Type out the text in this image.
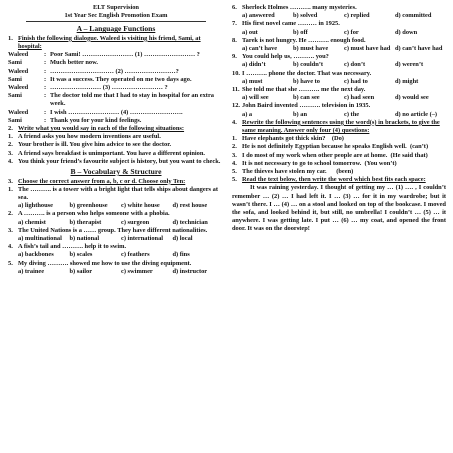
ELT Supervision
1st Year Sec English Promotion Exam
A – Language Functions
1. Finish the following dialogue. Waleed is visiting his friend, Sami, at hospital:
Waleed	: Poor Sami! …………………… (1) …………………… ?
Sami	: Much better now.
Waleed	: ………………………… (2) ……………………?
Sami	: It was a success. They operated on me two days ago.
Waleed	: …………………… (3) …………………… ?
Sami	: The doctor told me that I had to stay in hospital for an extra week.
Waleed	: I wish …………………… (4) …………………….
Sami	: Thank you for your kind feelings.
2. Write what you would say in each of the following situations:
1. A friend asks you how modern inventions are useful.
2. Your brother is ill. You give him advice to see the doctor.
3. A friend says breakfast is unimportant. You have a different opinion.
4. You think your friend’s favourite subject is history, but you want to check.
B – Vocabulary & Structure
3. Choose the correct answer from a, b, c or d. Choose only Ten:
1. The ………. is a tower with a bright light that tells ships about dangers at sea.
a) lighthouse	b) greenhouse	c) white house	d) rest house
2. A ………. is a person who helps someone with a phobia.
a) chemist	b) therapist	c) surgeon	d) technician
3. The United Nations is a …… group. They have different nationalities.
a) multinational	b) national	c) international	d) local
4. A fish’s tail and ………. help it to swim.
a) backbones	b) scales	c) feathers	d) fins
5. My diving ………. showed me how to use the diving equipment.
a) trainee	b) sailor	c) swimmer	d) instructor
6. Sherlock Holmes ………. many mysteries.
a) answered	b) solved	c) replied	d) committed
7. His first novel came ……… in 1925.
a) out	b) off	c) for	d) down
8. Tarek is not hungry. He ………. enough food.
a) can’t have	b) must have	c) must have had d) can’t have had
9. You could help us, ………. you?
a) didn’t	b) couldn’t	c) don’t	d) weren’t
10. I ………. phone the doctor. That was necessary.
a) must	b) have to	c) had to	d) might
11. She told me that she ………. me the next day.
a) will see	b) can see	c) had seen	d) would see
12. John Baird invented ………. television in 1935.
a) a	b) an	c) the	d) no article (–)
4. Rewrite the following sentences using the word(s) in brackets, to give the same meaning. Answer only four (4) questions:
1. Have elephants got thick skin? (Do)
2. He is not definitely Egyptian because he speaks English well. (can’t)
3. I do most of my work when other people are at home. (He said that)
4. It is not necessary to go to school tomorrow. (You won’t)
5. The thieves have stolen my car. (been)
5. Read the text below, then write the word which best fits each space:
It was raining yesterday. I thought of getting my … (1) …. , I couldn’t remember … (2) … I had left it. I … (3) … for it in my wardrobe; but it wasn’t there. I … (4) … on a stool and looked on top of the bookcase. I moved the sofa, and looked behind it, but still, no umbrella! I couldn’t … (5) … it anywhere. I was getting late. I put … (6) … my coat, and opened the front door. It was on the doorstep!
